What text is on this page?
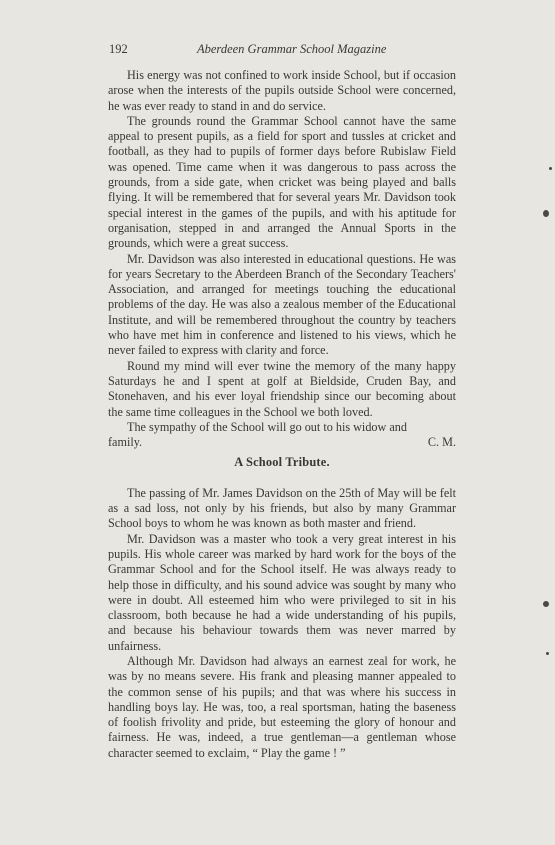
192	Aberdeen Grammar School Magazine

His energy was not confined to work inside School, but if occasion arose when the interests of the pupils outside School were concerned, he was ever ready to stand in and do service.

The grounds round the Grammar School cannot have the same appeal to present pupils, as a field for sport and tussles at cricket and football, as they had to pupils of former days before Rubislaw Field was opened. Time came when it was dangerous to pass across the grounds, from a side gate, when cricket was being played and balls flying. It will be remembered that for several years Mr. Davidson took special interest in the games of the pupils, and with his aptitude for organisation, stepped in and arranged the Annual Sports in the grounds, which were a great success.

Mr. Davidson was also interested in educational questions. He was for years Secretary to the Aberdeen Branch of the Secondary Teachers' Association, and arranged for meetings touching the educational problems of the day. He was also a zealous member of the Educational Institute, and will be remembered throughout the country by teachers who have met him in conference and listened to his views, which he never failed to express with clarity and force.

Round my mind will ever twine the memory of the many happy Saturdays he and I spent at golf at Bieldside, Cruden Bay, and Stonehaven, and his ever loyal friendship since our becoming about the same time colleagues in the School we both loved.

The sympathy of the School will go out to his widow and

family.	C. M.

A School Tribute.

The passing of Mr. James Davidson on the 25th of May will be felt as a sad loss, not only by his friends, but also by many Grammar School boys to whom he was known as both master and friend.

Mr. Davidson was a master who took a very great interest in his pupils. His whole career was marked by hard work for the boys of the Grammar School and for the School itself. He was always ready to help those in difficulty, and his sound advice was sought by many who were in doubt. All esteemed him who were privileged to sit in his classroom, both because he had a wide understanding of his pupils, and because his behaviour towards them was never marred by unfairness.

Although Mr. Davidson had always an earnest zeal for work, he was by no means severe. His frank and pleasing manner appealed to the common sense of his pupils; and that was where his success in handling boys lay. He was, too, a real sportsman, hating the baseness of foolish frivolity and pride, but esteeming the glory of honour and fairness. He was, indeed, a true gentleman—a gentleman whose character seemed to exclaim, “ Play the game ! ”
